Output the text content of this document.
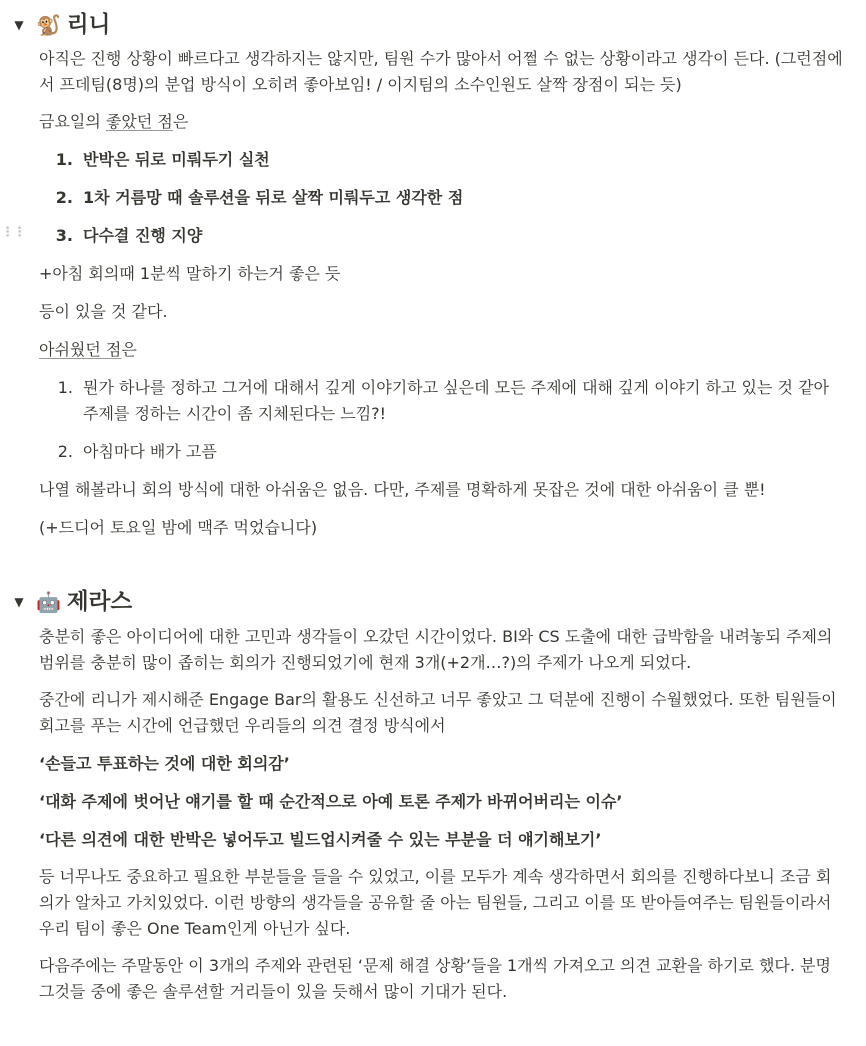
▼ 🐒 리니
아직은 진행 상황이 빠르다고 생각하지는 않지만, 팀원 수가 많아서 어쩔 수 없는 상황이라고 생각이 든다. (그런점에서 프데팀(8명)의 분업 방식이 오히려 좋아보임! / 이지팀의 소수인원도 살짝 장점이 되는 듯)
금요일의 좋았던 점은
1. 반박은 뒤로 미뤄두기 실천
2. 1차 거름망 때 솔루션을 뒤로 살짝 미뤄두고 생각한 점
⋮⋮	3. 다수결 진행 지양
+아침 회의때 1분씩 말하기 하는거 좋은 듯
등이 있을 것 같다.
아쉬웠던 점은
1. 뭔가 하나를 정하고 그거에 대해서 깊게 이야기하고 싶은데 모든 주제에 대해 깊게 이야기 하고 있는 것 같아 주제를 정하는 시간이 좀 지체된다는 느낌?!
2. 아침마다 배가 고픔
나열 해볼라니 회의 방식에 대한 아쉬움은 없음. 다만, 주제를 명확하게 못잡은 것에 대한 아쉬움이 클 뿐!
(+드디어 토요일 밤에 맥주 먹었습니다)
▼ 🤖 제라스
충분히 좋은 아이디어에 대한 고민과 생각들이 오갔던 시간이었다. BI와 CS 도출에 대한 급박함을 내려놓되 주제의 범위를 충분히 많이 좁히는 회의가 진행되었기에 현재 3개(+2개…?)의 주제가 나오게 되었다.
중간에 리니가 제시해준 Engage Bar의 활용도 신선하고 너무 좋았고 그 덕분에 진행이 수월했었다. 또한 팀원들이 회고를 푸는 시간에 언급했던 우리들의 의견 결정 방식에서
‘손들고 투표하는 것에 대한 회의감’
‘대화 주제에 벗어난 얘기를 할 때 순간적으로 아예 토론 주제가 바뀌어버리는 이슈’
‘다른 의견에 대한 반박은 넣어두고 빌드업시켜줄 수 있는 부분을 더 얘기해보기’
등 너무나도 중요하고 필요한 부분들을 들을 수 있었고, 이를 모두가 계속 생각하면서 회의를 진행하다보니 조금 회의가 알차고 가치있었다. 이런 방향의 생각들을 공유할 줄 아는 팀원들, 그리고 이를 또 받아들여주는 팀원들이라서 우리 팀이 좋은 One Team인게 아닌가 싶다.
다음주에는 주말동안 이 3개의 주제와 관련된 ‘문제 해결 상황’들을 1개씩 가져오고 의견 교환을 하기로 했다. 분명 그것들 중에 좋은 솔루션할 거리들이 있을 듯해서 많이 기대가 된다.
